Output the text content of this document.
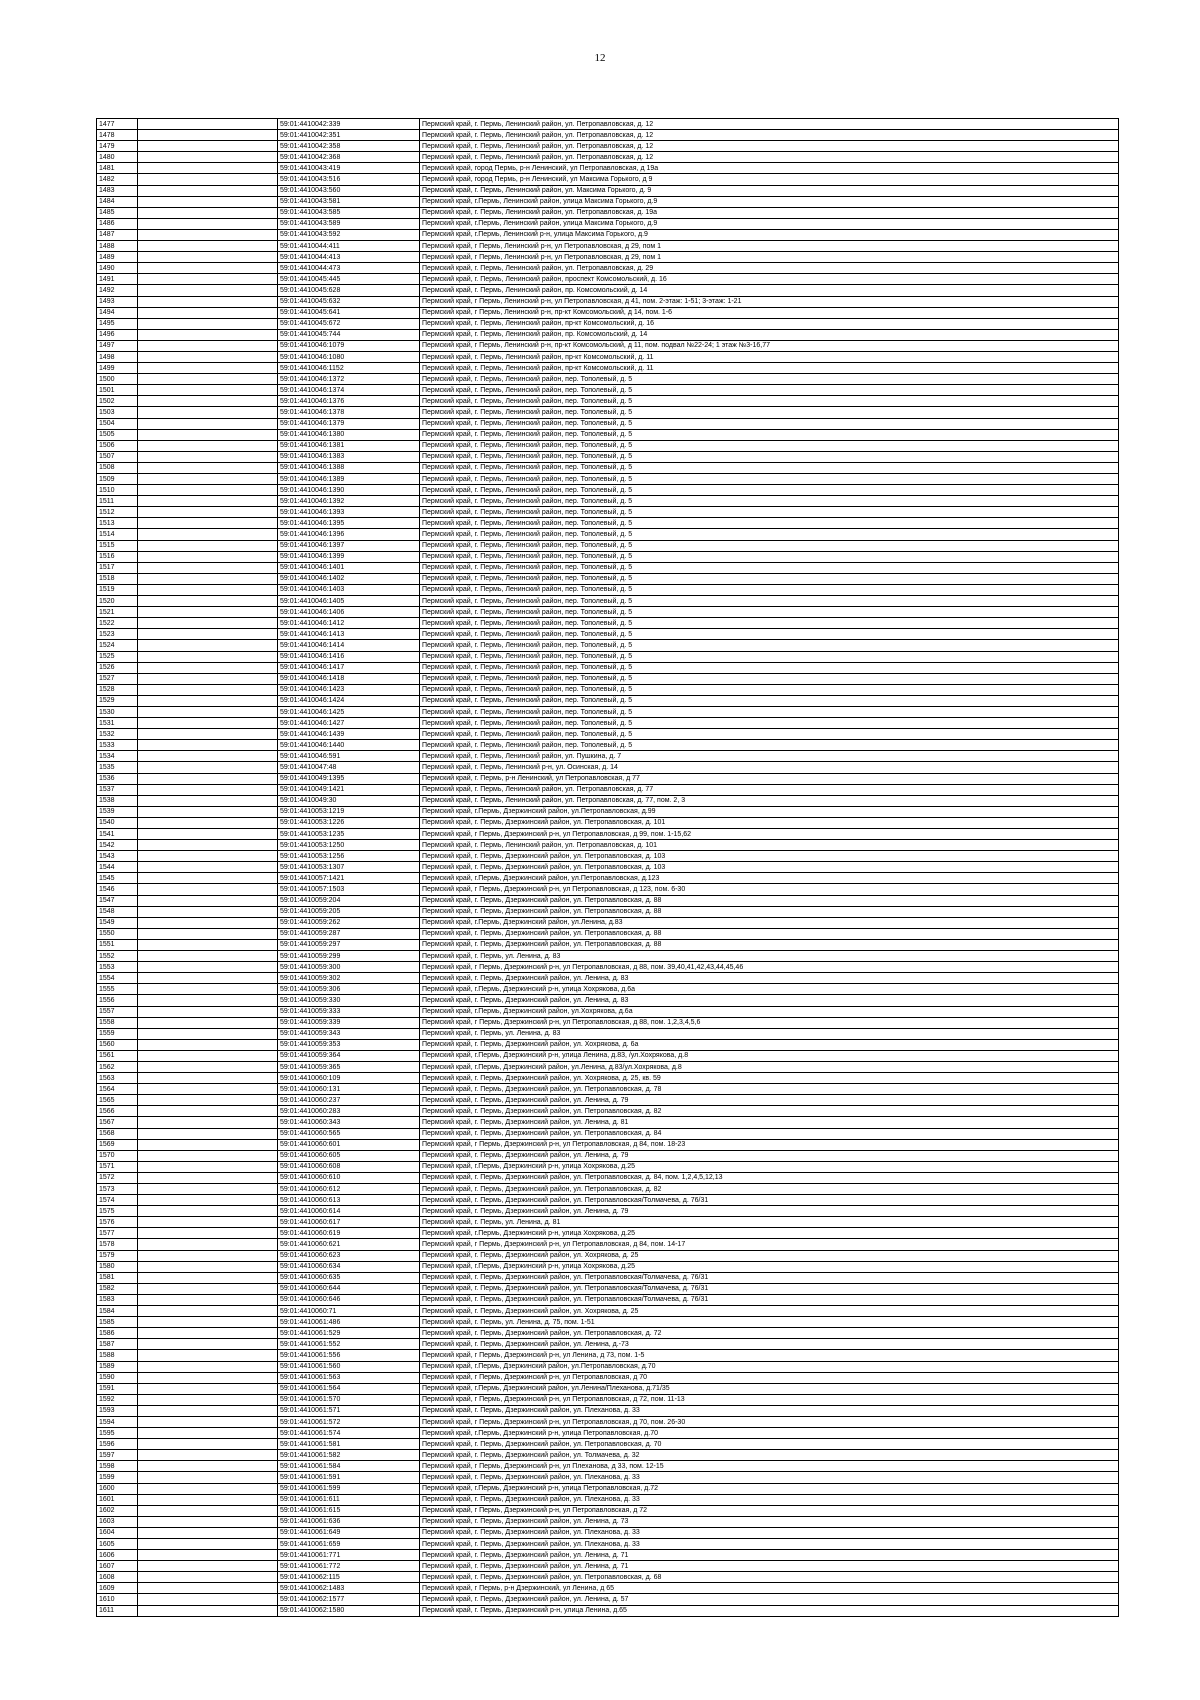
12
1477		59:01:4410042:339	Пермский край, г. Пермь, Ленинский район, ул. Петропавловская, д. 12
1478		59:01:4410042:351	Пермский край, г. Пермь, Ленинский район, ул. Петропавловская, д. 12
1479		59:01:4410042:358	Пермский край, г. Пермь, Ленинский район, ул. Петропавловская, д. 12
1480		59:01:4410042:368	Пермский край, г. Пермь, Ленинский район, ул. Петропавловская, д. 12
1481		59:01:4410043:419	Пермский край, город Пермь, р-н Ленинский, ул Петропавловская, д 19а
1482		59:01:4410043:516	Пермский край, город Пермь, р-н Ленинский, ул Максима Горького, д 9
1483		59:01:4410043:560	Пермский край, г. Пермь, Ленинский район, ул. Максима Горького, д. 9
1484		59:01:4410043:581	Пермский край, г.Пермь, Ленинский район, улица Максима Горького, д.9
1485		59:01:4410043:585	Пермский край, г. Пермь, Ленинский район, ул. Петропавловская, д. 19а
1486		59:01:4410043:589	Пермский край, г.Пермь, Ленинский район, улица Максима Горького, д.9
1487		59:01:4410043:592	Пермский край, г.Пермь, Ленинский р-н, улица Максима Горького, д.9
1488		59:01:4410044:411	Пермский край, г Пермь, Ленинский р-н, ул Петропавловская, д 29, пом 1
1489		59:01:4410044:413	Пермский край, г Пермь, Ленинский р-н, ул Петропавловская, д 29, пом 1
1490		59:01:4410044:473	Пермский край, г. Пермь, Ленинский район, ул. Петропавловская, д. 29
1491		59:01:4410045:445	Пермский край, г. Пермь, Ленинский район, проспект Комсомольский, д. 16
1492		59:01:4410045:628	Пермский край, г. Пермь, Ленинский район, пр. Комсомольский, д. 14
1493		59:01:4410045:632	Пермский край, г Пермь, Ленинский р-н, ул Петропавловская, д 41, пом. 2-этаж: 1-51; 3-этаж: 1-21
1494		59:01:4410045:641	Пермский край, г Пермь, Ленинский р-н, пр-кт Комсомольский, д 14, пом. 1-6
1495		59:01:4410045:672	Пермский край, г. Пермь, Ленинский район, пр-кт Комсомольский, д. 16
1496		59:01:4410045:744	Пермский край, г. Пермь, Ленинский район, пр. Комсомольский, д. 14
1497		59:01:4410046:1079	Пермский край, г Пермь, Ленинский р-н, пр-кт Комсомольский, д 11, пом. подвал №22-24; 1 этаж №3-16,77
1498		59:01:4410046:1080	Пермский край, г. Пермь, Ленинский район, пр-кт Комсомольский, д. 11
1499		59:01:4410046:1152	Пермский край, г. Пермь, Ленинский район, пр-кт Комсомольский, д. 11
1500		59:01:4410046:1372	Пермский край, г. Пермь, Ленинский район, пер. Тополевый, д. 5
1501		59:01:4410046:1374	Пермский край, г. Пермь, Ленинский район, пер. Тополевый, д. 5
1502		59:01:4410046:1376	Пермский край, г. Пермь, Ленинский район, пер. Тополевый, д. 5
1503		59:01:4410046:1378	Пермский край, г. Пермь, Ленинский район, пер. Тополевый, д. 5
1504		59:01:4410046:1379	Пермский край, г. Пермь, Ленинский район, пер. Тополевый, д. 5
1505		59:01:4410046:1380	Пермский край, г. Пермь, Ленинский район, пер. Тополевый, д. 5
1506		59:01:4410046:1381	Пермский край, г. Пермь, Ленинский район, пер. Тополевый, д. 5
1507		59:01:4410046:1383	Пермский край, г. Пермь, Ленинский район, пер. Тополевый, д. 5
1508		59:01:4410046:1388	Пермский край, г. Пермь, Ленинский район, пер. Тополевый, д. 5
1509		59:01:4410046:1389	Пермский край, г. Пермь, Ленинский район, пер. Тополевый, д. 5
1510		59:01:4410046:1390	Пермский край, г. Пермь, Ленинский район, пер. Тополевый, д. 5
1511		59:01:4410046:1392	Пермский край, г. Пермь, Ленинский район, пер. Тополевый, д. 5
1512		59:01:4410046:1393	Пермский край, г. Пермь, Ленинский район, пер. Тополевый, д. 5
1513		59:01:4410046:1395	Пермский край, г. Пермь, Ленинский район, пер. Тополевый, д. 5
1514		59:01:4410046:1396	Пермский край, г. Пермь, Ленинский район, пер. Тополевый, д. 5
1515		59:01:4410046:1397	Пермский край, г. Пермь, Ленинский район, пер. Тополевый, д. 5
1516		59:01:4410046:1399	Пермский край, г. Пермь, Ленинский район, пер. Тополевый, д. 5
1517		59:01:4410046:1401	Пермский край, г. Пермь, Ленинский район, пер. Тополевый, д. 5
1518		59:01:4410046:1402	Пермский край, г. Пермь, Ленинский район, пер. Тополевый, д. 5
1519		59:01:4410046:1403	Пермский край, г. Пермь, Ленинский район, пер. Тополевый, д. 5
1520		59:01:4410046:1405	Пермский край, г. Пермь, Ленинский район, пер. Тополевый, д. 5
1521		59:01:4410046:1406	Пермский край, г. Пермь, Ленинский район, пер. Тополевый, д. 5
1522		59:01:4410046:1412	Пермский край, г. Пермь, Ленинский район, пер. Тополевый, д. 5
1523		59:01:4410046:1413	Пермский край, г. Пермь, Ленинский район, пер. Тополевый, д. 5
1524		59:01:4410046:1414	Пермский край, г. Пермь, Ленинский район, пер. Тополевый, д. 5
1525		59:01:4410046:1416	Пермский край, г. Пермь, Ленинский район, пер. Тополевый, д. 5
1526		59:01:4410046:1417	Пермский край, г. Пермь, Ленинский район, пер. Тополевый, д. 5
1527		59:01:4410046:1418	Пермский край, г. Пермь, Ленинский район, пер. Тополевый, д. 5
1528		59:01:4410046:1423	Пермский край, г. Пермь, Ленинский район, пер. Тополевый, д. 5
1529		59:01:4410046:1424	Пермский край, г. Пермь, Ленинский район, пер. Тополевый, д. 5
1530		59:01:4410046:1425	Пермский край, г. Пермь, Ленинский район, пер. Тополевый, д. 5
1531		59:01:4410046:1427	Пермский край, г. Пермь, Ленинский район, пер. Тополевый, д. 5
1532		59:01:4410046:1439	Пермский край, г. Пермь, Ленинский район, пер. Тополевый, д. 5
1533		59:01:4410046:1440	Пермский край, г. Пермь, Ленинский район, пер. Тополевый, д. 5
1534		59:01:4410046:591	Пермский край, г. Пермь, Ленинский район, ул. Пушкина, д. 7
1535		59:01:4410047:48	Пермский край, г. Пермь, Ленинский р-н, ул. Осинская, д. 14
1536		59:01:4410049:1395	Пермский край, г. Пермь, р-н Ленинский, ул Петропавловская, д 77
1537		59:01:4410049:1421	Пермский край, г. Пермь, Ленинский район, ул. Петропавловская, д. 77
1538		59:01:4410049:30	Пермский край, г. Пермь, Ленинский район, ул. Петропавловская, д. 77, пом. 2, 3
1539		59:01:4410053:1219	Пермский край, г.Пермь, Дзержинский район, ул.Петропавловская, д.99
1540		59:01:4410053:1226	Пермский край, г. Пермь, Дзержинский район, ул. Петропавловская, д. 101
1541		59:01:4410053:1235	Пермский край, г Пермь, Дзержинский р-н, ул Петропавловская, д 99, пом. 1-15,62
1542		59:01:4410053:1250	Пермский край, г. Пермь, Ленинский район, ул. Петропавловская, д. 101
1543		59:01:4410053:1256	Пермский край, г. Пермь, Дзержинский район, ул. Петропавловская, д. 103
1544		59:01:4410053:1307	Пермский край, г. Пермь, Дзержинский район, ул. Петропавловская, д. 103
1545		59:01:4410057:1421	Пермский край, г.Пермь, Дзержинский район, ул.Петропавловская, д.123
1546		59:01:4410057:1503	Пермский край, г Пермь, Дзержинский р-н, ул Петропавловская, д 123, пом. 6-30
1547		59:01:4410059:204	Пермский край, г. Пермь, Дзержинский район, ул. Петропавловская, д. 88
1548		59:01:4410059:205	Пермский край, г. Пермь, Дзержинский район, ул. Петропавловская, д. 88
1549		59:01:4410059:262	Пермский край, г.Пермь, Дзержинский район, ул.Ленина, д.83
1550		59:01:4410059:287	Пермский край, г. Пермь, Дзержинский район, ул. Петропавловская, д. 88
1551		59:01:4410059:297	Пермский край, г. Пермь, Дзержинский район, ул. Петропавловская, д. 88
1552		59:01:4410059:299	Пермский край, г. Пермь, ул. Ленина, д. 83
1553		59:01:4410059:300	Пермский край, г Пермь, Дзержинский р-н, ул Петропавловская, д 88, пом. 39,40,41,42,43,44,45,46
1554		59:01:4410059:302	Пермский край, г. Пермь, Дзержинский район, ул. Ленина, д. 83
1555		59:01:4410059:306	Пермский край, г.Пермь, Дзержинский р-н, улица Хохрякова, д.6а
1556		59:01:4410059:330	Пермский край, г. Пермь, Дзержинский район, ул. Ленина, д. 83
1557		59:01:4410059:333	Пермский край, г.Пермь, Дзержинский район, ул.Хохрякова, д.6а
1558		59:01:4410059:339	Пермский край, г Пермь, Дзержинский р-н, ул Петропавловская, д 88, пом. 1,2,3,4,5,6
1559		59:01:4410059:343	Пермский край, г. Пермь, ул. Ленина, д. 83
1560		59:01:4410059:353	Пермский край, г. Пермь, Дзержинский район, ул. Хохрякова, д. 6а
1561		59:01:4410059:364	Пермский край, г.Пермь, Дзержинский р-н, улица Ленина, д.83, /ул.Хохрякова, д.8
1562		59:01:4410059:365	Пермский край, г.Пермь, Дзержинский район, ул.Ленина, д.83/ул.Хохрякова, д.8
1563		59:01:4410060:109	Пермский край, г. Пермь, Дзержинский район, ул. Хохрякова, д. 25, кв. 59
1564		59:01:4410060:131	Пермский край, г. Пермь, Дзержинский район, ул. Петропавловская, д. 78
1565		59:01:4410060:237	Пермский край, г. Пермь, Дзержинский район, ул. Ленина, д. 79
1566		59:01:4410060:283	Пермский край, г. Пермь, Дзержинский район, ул. Петропавловская, д. 82
1567		59:01:4410060:343	Пермский край, г. Пермь, Дзержинский район, ул. Ленина, д. 81
1568		59:01:4410060:565	Пермский край, г. Пермь, Дзержинский район, ул. Петропавловская, д. 84
1569		59:01:4410060:601	Пермский край, г Пермь, Дзержинский р-н, ул Петропавловская, д 84, пом. 18-23
1570		59:01:4410060:605	Пермский край, г. Пермь, Дзержинский район, ул. Ленина, д. 79
1571		59:01:4410060:608	Пермский край, г.Пермь, Дзержинский р-н, улица Хохрякова, д.25
1572		59:01:4410060:610	Пермский край, г. Пермь, Дзержинский район, ул. Петропавловская, д. 84, пом. 1,2,4,5,12,13
1573		59:01:4410060:612	Пермский край, г. Пермь, Дзержинский район, ул. Петропавловская, д. 82
1574		59:01:4410060:613	Пермский край, г. Пермь, Дзержинский район, ул. Петропавловская/Толмачева, д. 76/31
1575		59:01:4410060:614	Пермский край, г. Пермь, Дзержинский район, ул. Ленина, д. 79
1576		59:01:4410060:617	Пермский край, г. Пермь, ул. Ленина, д. 81
1577		59:01:4410060:619	Пермский край, г.Пермь, Дзержинский р-н, улица Хохрякова, д.25
1578		59:01:4410060:621	Пермский край, г Пермь, Дзержинский р-н, ул Петропавловская, д 84, пом. 14-17
1579		59:01:4410060:623	Пермский край, г. Пермь, Дзержинский район, ул. Хохрякова, д. 25
1580		59:01:4410060:634	Пермский край, г.Пермь, Дзержинский р-н, улица Хохрякова, д.25
1581		59:01:4410060:635	Пермский край, г. Пермь, Дзержинский район, ул. Петропавловская/Толмачева, д. 76/31
1582		59:01:4410060:644	Пермский край, г. Пермь, Дзержинский район, ул. Петропавловская/Толмачева, д. 76/31
1583		59:01:4410060:646	Пермский край, г. Пермь, Дзержинский район, ул. Петропавловская/Толмачева, д. 76/31
1584		59:01:4410060:71	Пермский край, г. Пермь, Дзержинский район, ул. Хохрякова, д. 25
1585		59:01:4410061:486	Пермский край, г. Пермь, ул. Ленина, д. 75, пом. 1-51
1586		59:01:4410061:529	Пермский край, г. Пермь, Дзержинский район, ул. Петропавловская, д. 72
1587		59:01:4410061:552	Пермский край, г. Пермь, Дзержинский район, ул. Ленина, д.-73
1588		59:01:4410061:556	Пермский край, г Пермь, Дзержинский р-н, ул Ленина, д 73, пом. 1-5
1589		59:01:4410061:560	Пермский край, г.Пермь, Дзержинский район, ул.Петропавловская, д.70
1590		59:01:4410061:563	Пермский край, г Пермь, Дзержинский р-н, ул Петропавловская, д 70
1591		59:01:4410061:564	Пермский край, г.Пермь, Дзержинский район, ул.Ленина/Плеханова, д.71/35
1592		59:01:4410061:570	Пермский край, г Пермь, Дзержинский р-н, ул Петропавловская, д 72, пом. 11-13
1593		59:01:4410061:571	Пермский край, г. Пермь, Дзержинский район, ул. Плеханова, д. 33
1594		59:01:4410061:572	Пермский край, г Пермь, Дзержинский р-н, ул Петропавловская, д 70, пом. 26-30
1595		59:01:4410061:574	Пермский край, г.Пермь, Дзержинский р-н, улица Петропавловская, д.70
1596		59:01:4410061:581	Пермский край, г. Пермь, Дзержинский район, ул. Петропавловская, д. 70
1597		59:01:4410061:582	Пермский край, г. Пермь, Дзержинский район, ул. Толмачева, д. 32
1598		59:01:4410061:584	Пермский край, г Пермь, Дзержинский р-н, ул Плеханова, д 33, пом. 12-15
1599		59:01:4410061:591	Пермский край, г. Пермь, Дзержинский район, ул. Плеханова, д. 33
1600		59:01:4410061:599	Пермский край, г.Пермь, Дзержинский р-н, улица Петропавловская, д.72
1601		59:01:4410061:611	Пермский край, г. Пермь, Дзержинский район, ул. Плеханова, д. 33
1602		59:01:4410061:615	Пермский край, г Пермь, Дзержинский р-н, ул Петропавловская, д 72
1603		59:01:4410061:636	Пермский край, г. Пермь, Дзержинский район, ул. Ленина, д. 73
1604		59:01:4410061:649	Пермский край, г. Пермь, Дзержинский район, ул. Плеханова, д. 33
1605		59:01:4410061:659	Пермский край, г. Пермь, Дзержинский район, ул. Плеханова, д. 33
1606		59:01:4410061:771	Пермский край, г. Пермь, Дзержинский район, ул. Ленина, д. 71
1607		59:01:4410061:772	Пермский край, г. Пермь, Дзержинский район, ул. Ленина, д. 71
1608		59:01:4410062:115	Пермский край, г. Пермь, Дзержинский район, ул. Петропавловская, д. 68
1609		59:01:4410062:1483	Пермский край, г Пермь, р-н Дзержинский, ул Ленина, д 65
1610		59:01:4410062:1577	Пермский край, г. Пермь, Дзержинский район, ул. Ленина, д. 57
1611		59:01:4410062:1580	Пермский край, г. Пермь, Дзержинский р-н, улица Ленина, д.65
